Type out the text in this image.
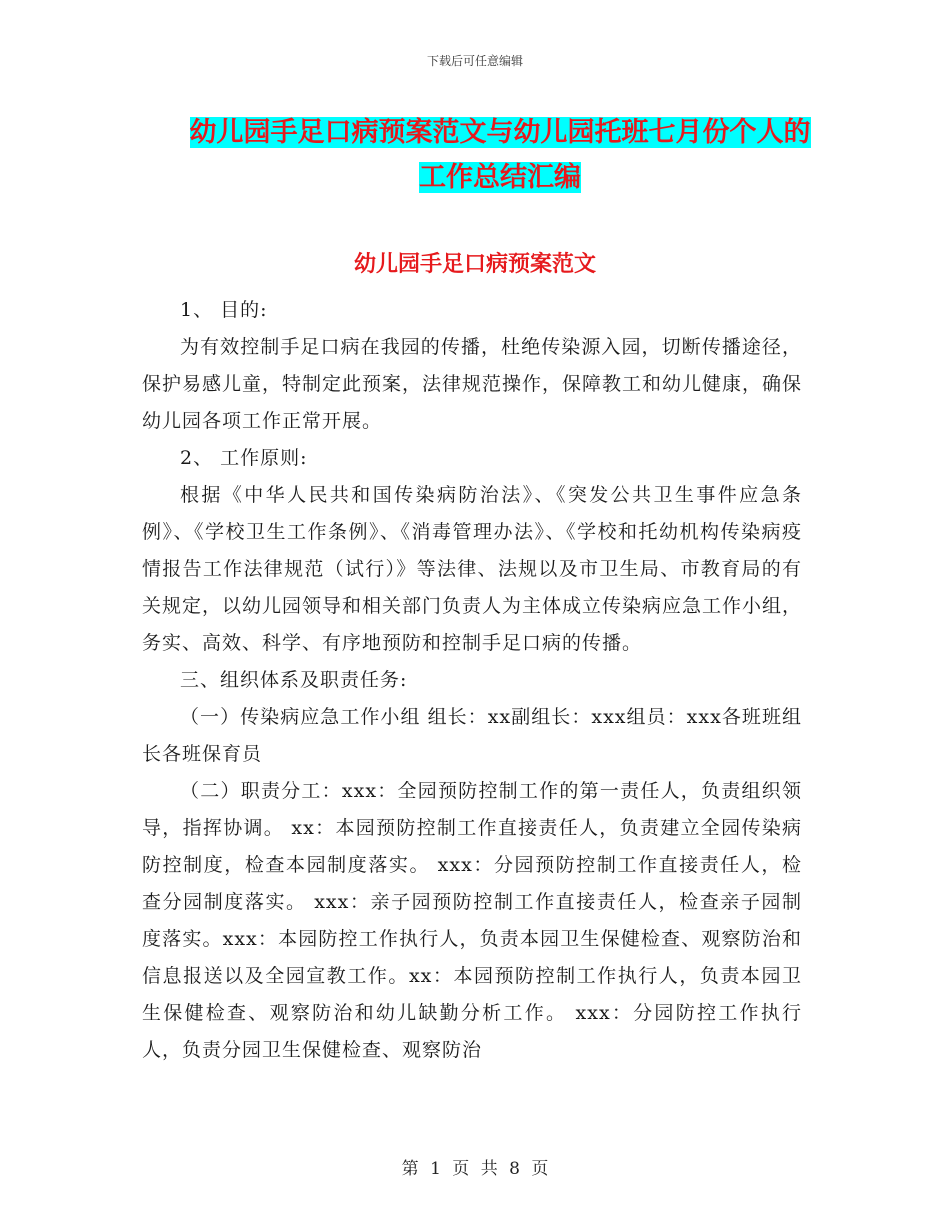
下载后可任意编辑
幼儿园手足口病预案范文与幼儿园托班七月份个人的
工作总结汇编
幼儿园手足口病预案范文

1、 目的:

为有效控制手足口病在我园的传播，杜绝传染源入园，切断传播途径，保护易感儿童，特制定此预案，法律规范操作，保障教工和幼儿健康，确保幼儿园各项工作正常开展。

2、 工作原则:

根据《中华人民共和国传染病防治法》、《突发公共卫生事件应急条例》、《学校卫生工作条例》、《消毒管理办法》、《学校和托幼机构传染病疫情报告工作法律规范（试行）》等法律、法规以及市卫生局、市教育局的有关规定，以幼儿园领导和相关部门负责人为主体成立传染病应急工作小组，务实、高效、科学、有序地预防和控制手足口病的传播。

三、组织体系及职责任务:

（一）传染病应急工作小组 组长：xx副组长：xxx组员：xxx各班班组长各班保育员

（二）职责分工：xxx：全园预防控制工作的第一责任人，负责组织领导，指挥协调。 xx：本园预防控制工作直接责任人，负责建立全园传染病防控制度，检查本园制度落实。 xxx：分园预防控制工作直接责任人，检查分园制度落实。 xxx：亲子园预防控制工作直接责任人，检查亲子园制度落实。xxx：本园防控工作执行人，负责本园卫生保健检查、观察防治和信息报送以及全园宣教工作。xx：本园预防控制工作执行人，负责本园卫生保健检查、观察防治和幼儿缺勤分析工作。 xxx：分园防控工作执行人，负责分园卫生保健检查、观察防治

第 1 页 共 8 页
